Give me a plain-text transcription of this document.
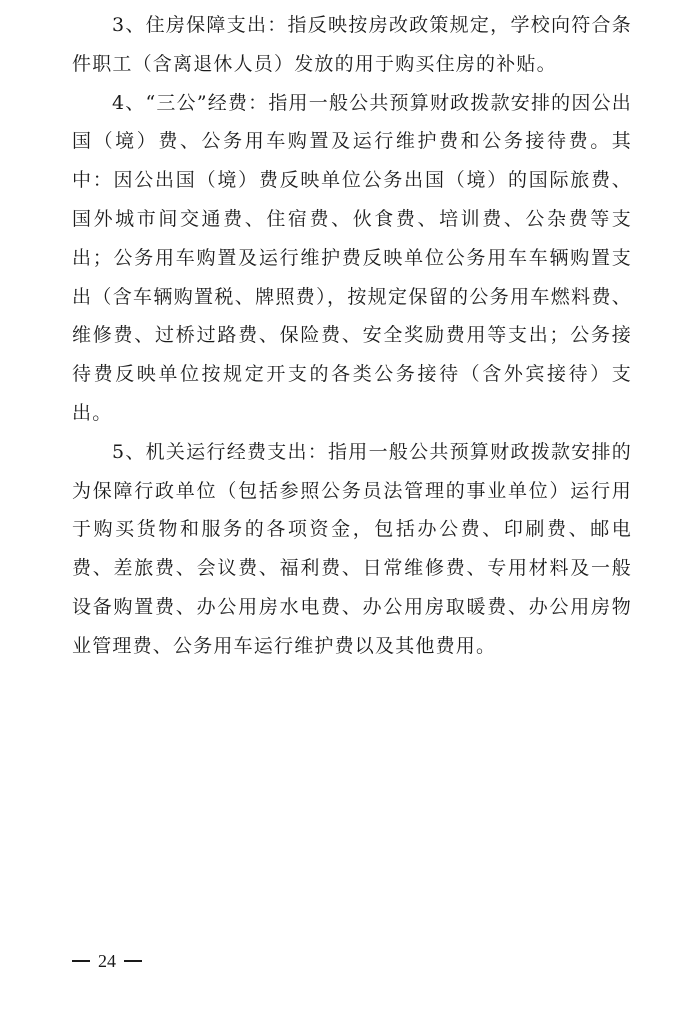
3、住房保障支出：指反映按房改政策规定，学校向符合条件职工（含离退休人员）发放的用于购买住房的补贴。

4、“三公”经费：指用一般公共预算财政拨款安排的因公出国（境）费、公务用车购置及运行维护费和公务接待费。其中：因公出国（境）费反映单位公务出国（境）的国际旅费、国外城市间交通费、住宿费、伙食费、培训费、公杂费等支出；公务用车购置及运行维护费反映单位公务用车车辆购置支出（含车辆购置税、牌照费），按规定保留的公务用车燃料费、维修费、过桥过路费、保险费、安全奖励费用等支出；公务接待费反映单位按规定开支的各类公务接待（含外宾接待）支出。

5、机关运行经费支出：指用一般公共预算财政拨款安排的为保障行政单位（包括参照公务员法管理的事业单位）运行用于购买货物和服务的各项资金，包括办公费、印刷费、邮电费、差旅费、会议费、福利费、日常维修费、专用材料及一般设备购置费、办公用房水电费、办公用房取暖费、办公用房物业管理费、公务用车运行维护费以及其他费用。

24
